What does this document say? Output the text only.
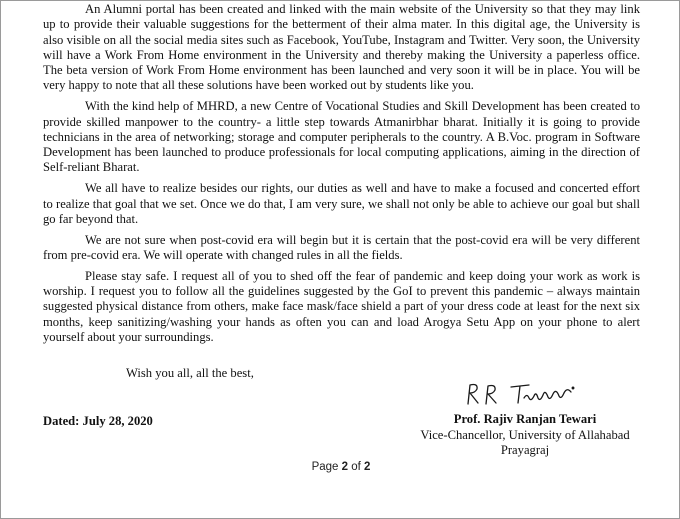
An Alumni portal has been created and linked with the main website of the University so that they may link up to provide their valuable suggestions for the betterment of their alma mater. In this digital age, the University is also visible on all the social media sites such as Facebook, YouTube, Instagram and Twitter. Very soon, the University will have a Work From Home environment in the University and thereby making the University a paperless office. The beta version of Work From Home environment has been launched and very soon it will be in place. You will be very happy to note that all these solutions have been worked out by students like you.

With the kind help of MHRD, a new Centre of Vocational Studies and Skill Development has been created to provide skilled manpower to the country- a little step towards Atmanirbhar bharat. Initially it is going to provide technicians in the area of networking; storage and computer peripherals to the country. A B.Voc. program in Software Development has been launched to produce professionals for local computing applications, aiming in the direction of Self-reliant Bharat.

We all have to realize besides our rights, our duties as well and have to make a focused and concerted effort to realize that goal that we set. Once we do that, I am very sure, we shall not only be able to achieve our goal but shall go far beyond that.

We are not sure when post-covid era will begin but it is certain that the post-covid era will be very different from pre-covid era. We will operate with changed rules in all the fields.

Please stay safe. I request all of you to shed off the fear of pandemic and keep doing your work as work is worship. I request you to follow all the guidelines suggested by the GoI to prevent this pandemic – always maintain suggested physical distance from others, make face mask/face shield a part of your dress code at least for the next six months, keep sanitizing/washing your hands as often you can and load Arogya Setu App on your phone to alert yourself about your surroundings.

Wish you all, all the best,
Dated: July 28, 2020	Prof. Rajiv Ranjan Tewari
Vice-Chancellor, University of Allahabad
Prayagraj
Page 2 of 2
